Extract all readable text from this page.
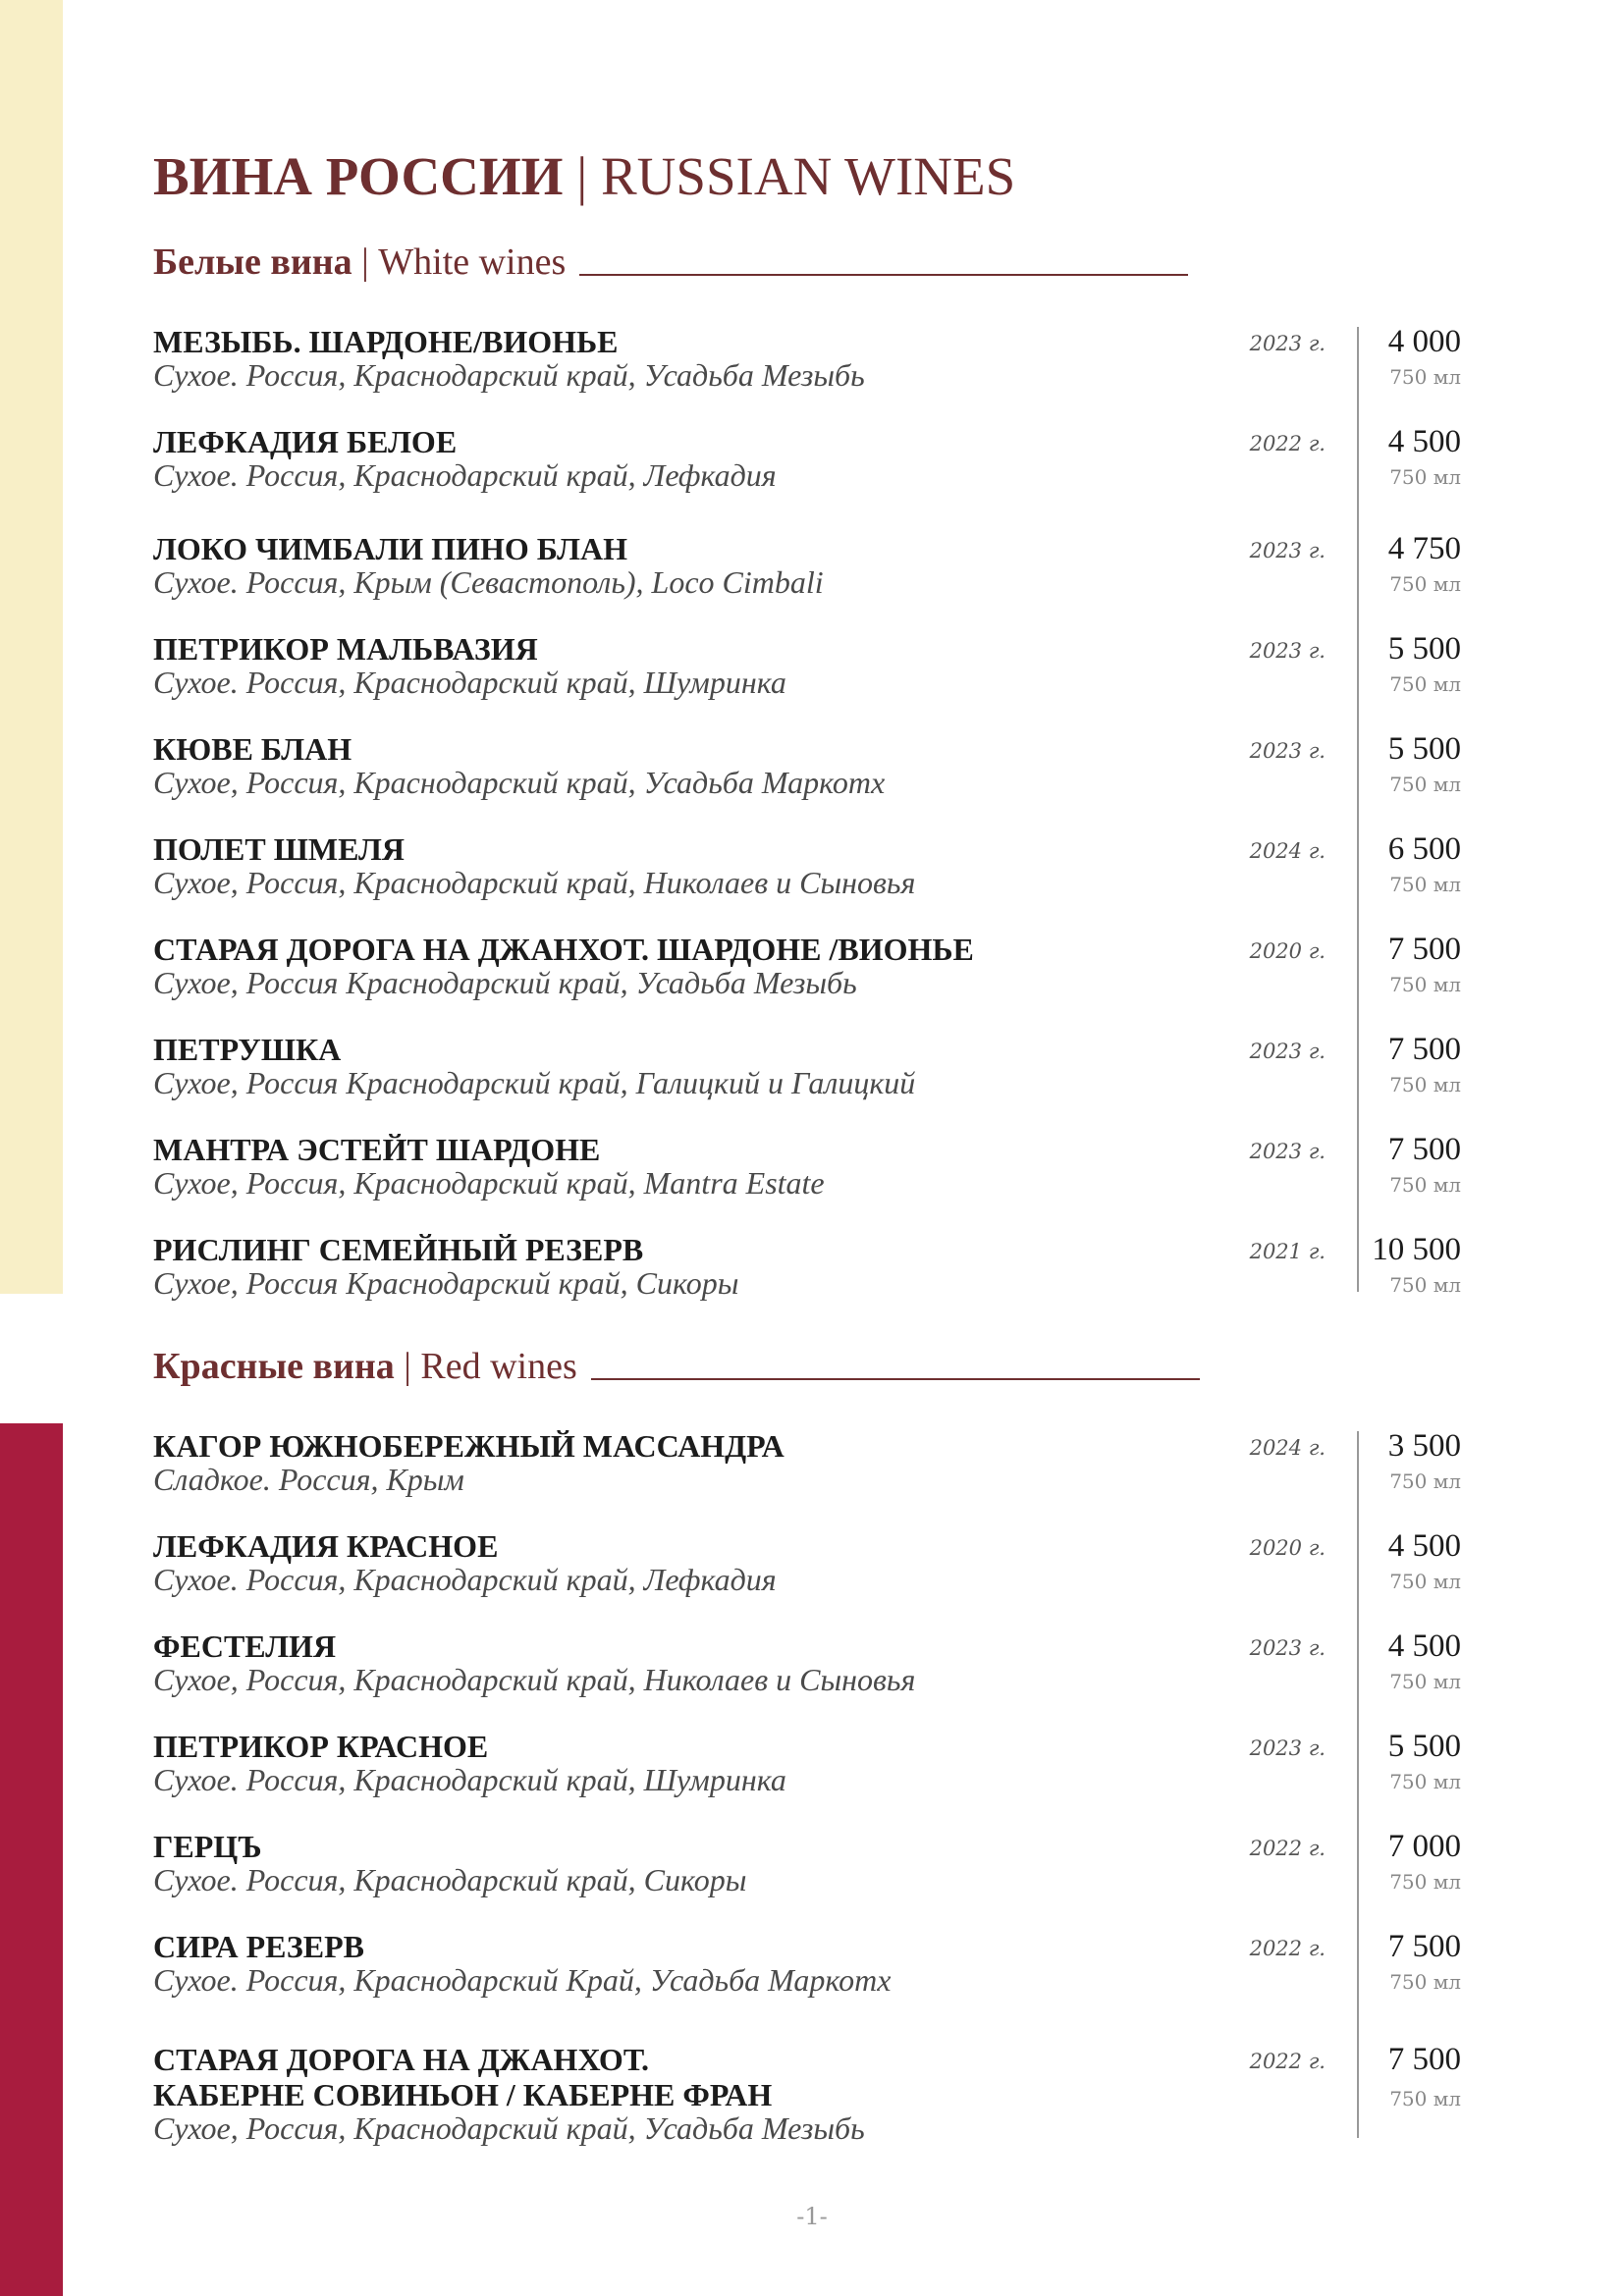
ВИНА РОССИИ | RUSSIAN WINES
Белые вина | White wines
МЕЗЫБЬ. ШАРДОНЕ/ВИОНЬЕ
Сухое. Россия, Краснодарский край, Усадьба Мезыбь
2023 г. 4 000
750 мл
ЛЕФКАДИЯ БЕЛОЕ
Сухое. Россия, Краснодарский край, Лефкадия
2022 г. 4 500
750 мл
ЛОКО ЧИМБАЛИ ПИНО БЛАН
Сухое. Россия, Крым (Севастополь), Loco Cimbali
2023 г. 4 750
750 мл
ПЕТРИКОР МАЛЬВАЗИЯ
Сухое. Россия, Краснодарский край, Шумринка
2023 г. 5 500
750 мл
КЮВЕ БЛАН
Сухое, Россия, Краснодарский край, Усадьба Маркотх
2023 г. 5 500
750 мл
ПОЛЕТ ШМЕЛЯ
Сухое, Россия, Краснодарский край, Николаев и Сыновья
2024 г. 6 500
750 мл
СТАРАЯ ДОРОГА НА ДЖАНХОТ. ШАРДОНЕ /ВИОНЬЕ
Сухое, Россия Краснодарский край, Усадьба Мезыбь
2020 г. 7 500
750 мл
ПЕТРУШКА
Сухое, Россия Краснодарский край, Галицкий и Галицкий
2023 г. 7 500
750 мл
МАНТРА ЭСТЕЙТ ШАРДОНЕ
Сухое, Россия, Краснодарский край, Mantra Estate
2023 г. 7 500
750 мл
РИСЛИНГ СЕМЕЙНЫЙ РЕЗЕРВ
Сухое, Россия Краснодарский край, Сикоры
2021 г. 10 500
750 мл
Красные вина | Red wines
КАГОР ЮЖНОБЕРЕЖНЫЙ МАССАНДРА
Сладкое. Россия, Крым
2024 г. 3 500
750 мл
ЛЕФКАДИЯ КРАСНОЕ
Сухое. Россия, Краснодарский край, Лефкадия
2020 г. 4 500
750 мл
ФЕСТЕЛИЯ
Сухое, Россия, Краснодарский край, Николаев и Сыновья
2023 г. 4 500
750 мл
ПЕТРИКОР КРАСНОЕ
Сухое. Россия, Краснодарский край, Шумринка
2023 г. 5 500
750 мл
ГЕРЦЪ
Сухое. Россия, Краснодарский край, Сикоры
2022 г. 7 000
750 мл
СИРА РЕЗЕРВ
Сухое. Россия, Краснодарский Край, Усадьба Маркотх
2022 г. 7 500
750 мл
СТАРАЯ ДОРОГА НА ДЖАНХОТ.
КАБЕРНЕ СОВИНЬОН / КАБЕРНЕ ФРАН
Сухое, Россия, Краснодарский край, Усадьба Мезыбь
2022 г. 7 500
750 мл
-1-
